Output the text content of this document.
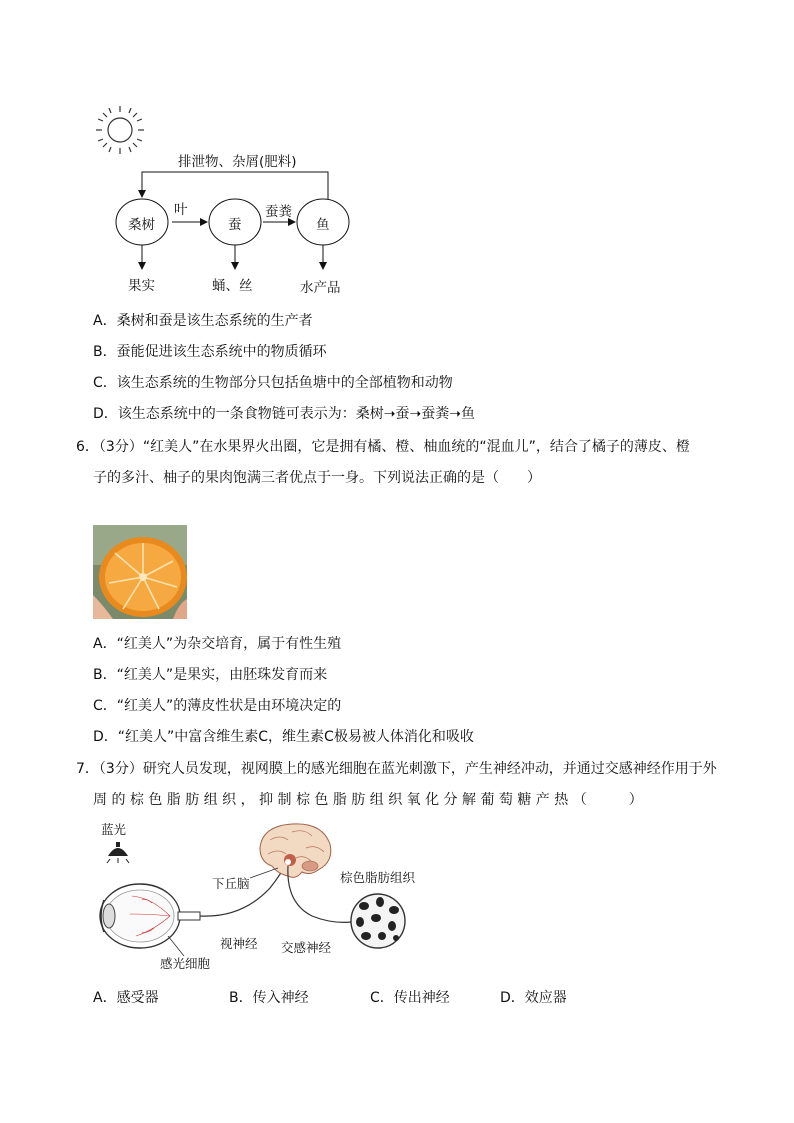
排泄物、杂屑(肥料)
桑树	蚕	鱼
叶	蚕粪
果实	蛹、丝	水产品
A．桑树和蚕是该生态系统的生产者
B．蚕能促进该生态系统中的物质循环
C．该生态系统的生物部分只包括鱼塘中的全部植物和动物
D．该生态系统中的一条食物链可表示为：桑树➝蚕➝蚕粪➝鱼
6．（3分）“红美人”在水果界火出圈，它是拥有橘、橙、柚血统的“混血儿”，结合了橘子的薄皮、橙
子的多汁、柚子的果肉饱满三者优点于一身。下列说法正确的是（　　）
A．“红美人”为杂交培育，属于有性生殖
B．“红美人”是果实，由胚珠发育而来
C．“红美人”的薄皮性状是由环境决定的
D．“红美人”中富含维生素C，维生素C极易被人体消化和吸收
7．（3分）研究人员发现，视网膜上的感光细胞在蓝光刺激下，产生神经冲动，并通过交感神经作用于外
周 的 棕 色 脂 肪 组 织 ， 抑 制 棕 色 脂 肪 组 织 氧 化 分 解 葡 萄 糖 产 热 （　　　）
蓝光
下丘脑	棕色脂肪组织
视神经 交感神经
感光细胞
A．感受器	B．传入神经	C．传出神经	D．效应器
